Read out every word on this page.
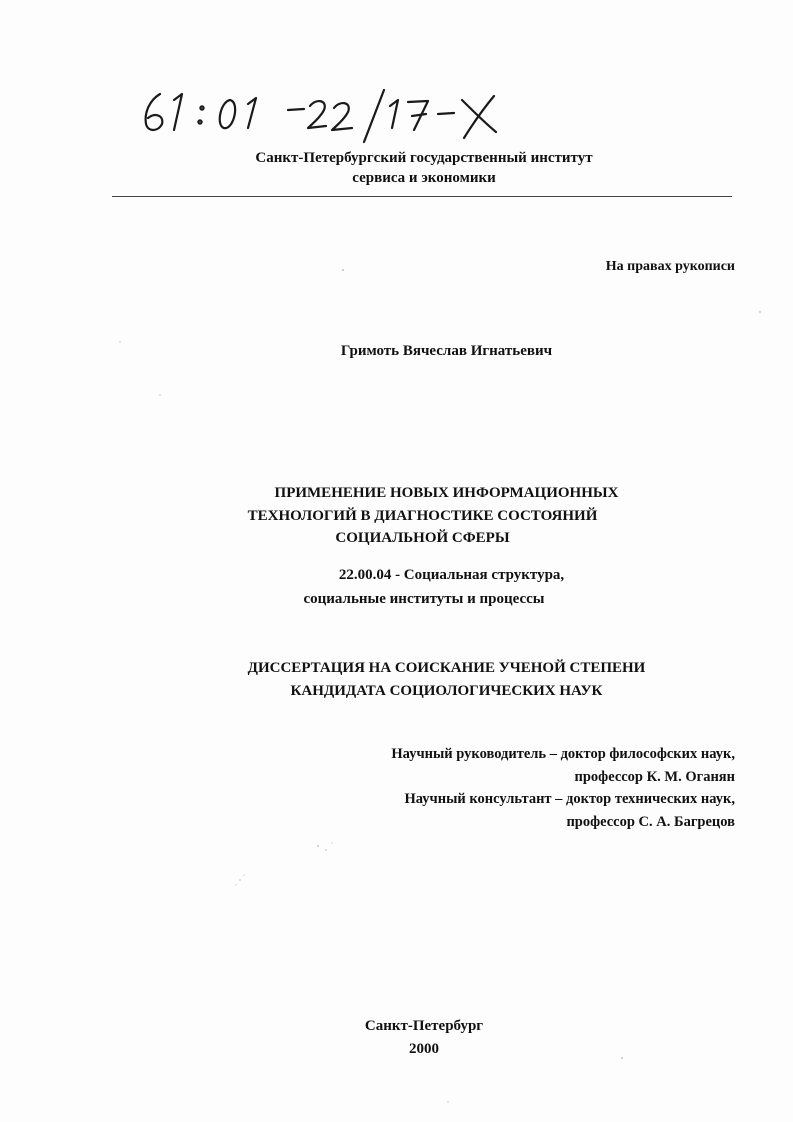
Санкт-Петербургский государственный институт
сервиса и экономики
На правах рукописи
Гримоть Вячеслав Игнатьевич
ПРИМЕНЕНИЕ НОВЫХ ИНФОРМАЦИОННЫХ
ТЕХНОЛОГИЙ В ДИАГНОСТИКЕ СОСТОЯНИЙ
СОЦИАЛЬНОЙ СФЕРЫ
22.00.04 - Социальная структура,
социальные институты и процессы
ДИССЕРТАЦИЯ НА СОИСКАНИЕ УЧЕНОЙ СТЕПЕНИ
КАНДИДАТА СОЦИОЛОГИЧЕСКИХ НАУК
Научный руководитель – доктор философских наук,
профессор К. М. Оганян
Научный консультант – доктор технических наук,
профессор С. А. Багрецов
Санкт-Петербург
2000
